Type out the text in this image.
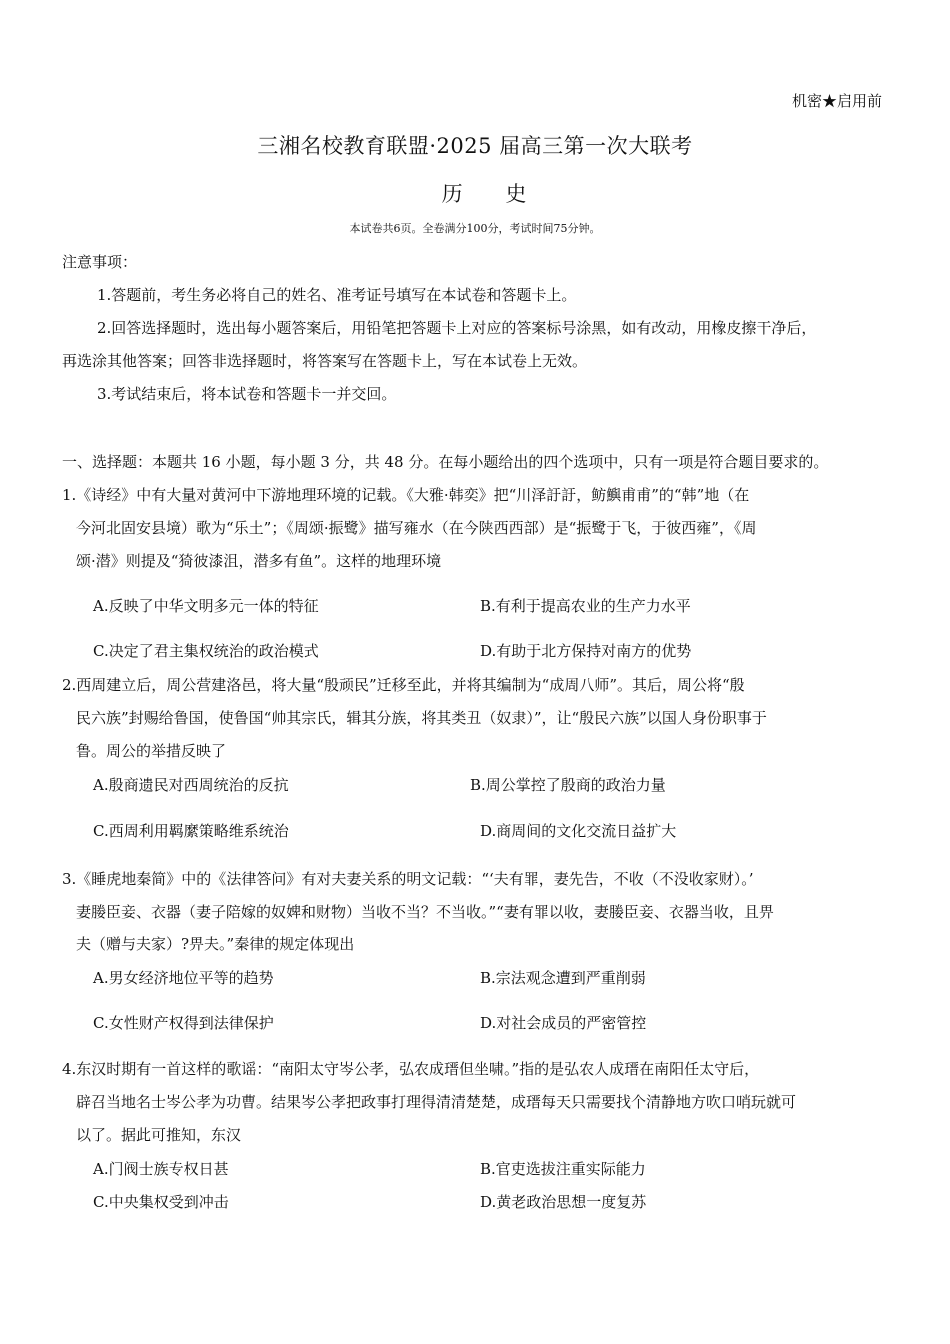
机密★启用前
三湘名校教育联盟·2025 届高三第一次大联考
历 史
本试卷共6页。全卷满分100分，考试时间75分钟。
注意事项：
1.答题前，考生务必将自己的姓名、准考证号填写在本试卷和答题卡上。
2.回答选择题时，选出每小题答案后，用铅笔把答题卡上对应的答案标号涂黑，如有改动，用橡皮擦干净后，
再选涂其他答案；回答非选择题时，将答案写在答题卡上，写在本试卷上无效。
3.考试结束后，将本试卷和答题卡一并交回。
一、选择题：本题共 16 小题，每小题 3 分，共 48 分。在每小题给出的四个选项中，只有一项是符合题目要求的。
1.《诗经》中有大量对黄河中下游地理环境的记载。《大雅·韩奕》把“川泽訏訏，鲂鱮甫甫”的“韩”地（在
今河北固安县境）歌为“乐土”；《周颂·振鹭》描写雍水（在今陕西西部）是“振鹭于飞，于彼西雍”，《周
颂·潜》则提及“猗彼漆沮，潜多有鱼”。这样的地理环境
A.反映了中华文明多元一体的特征	B.有利于提高农业的生产力水平
C.决定了君主集权统治的政治模式	D.有助于北方保持对南方的优势
2.西周建立后，周公营建洛邑，将大量“殷顽民”迁移至此，并将其编制为“成周八师”。其后，周公将“殷
民六族”封赐给鲁国，使鲁国“帅其宗氏，辑其分族，将其类丑（奴隶）”，让“殷民六族”以国人身份职事于
鲁。周公的举措反映了
A.殷商遗民对西周统治的反抗	B.周公掌控了殷商的政治力量
C.西周利用羁縻策略维系统治	D.商周间的文化交流日益扩大
3.《睡虎地秦简》中的《法律答问》有对夫妻关系的明文记载：“‘夫有罪，妻先告，不收（不没收家财）。’
妻媵臣妾、衣器（妻子陪嫁的奴婢和财物）当收不当？不当收。”“妻有罪以收，妻媵臣妾、衣器当收，且畀
夫（赠与夫家）?畀夫。”秦律的规定体现出
A.男女经济地位平等的趋势	B.宗法观念遭到严重削弱
C.女性财产权得到法律保护	D.对社会成员的严密管控
4.东汉时期有一首这样的歌谣：“南阳太守岑公孝，弘农成瑨但坐啸。”指的是弘农人成瑨在南阳任太守后，
辟召当地名士岑公孝为功曹。结果岑公孝把政事打理得清清楚楚，成瑨每天只需要找个清静地方吹口哨玩就可
以了。据此可推知，东汉
A.门阀士族专权日甚	B.官吏选拔注重实际能力
C.中央集权受到冲击	D.黄老政治思想一度复苏
